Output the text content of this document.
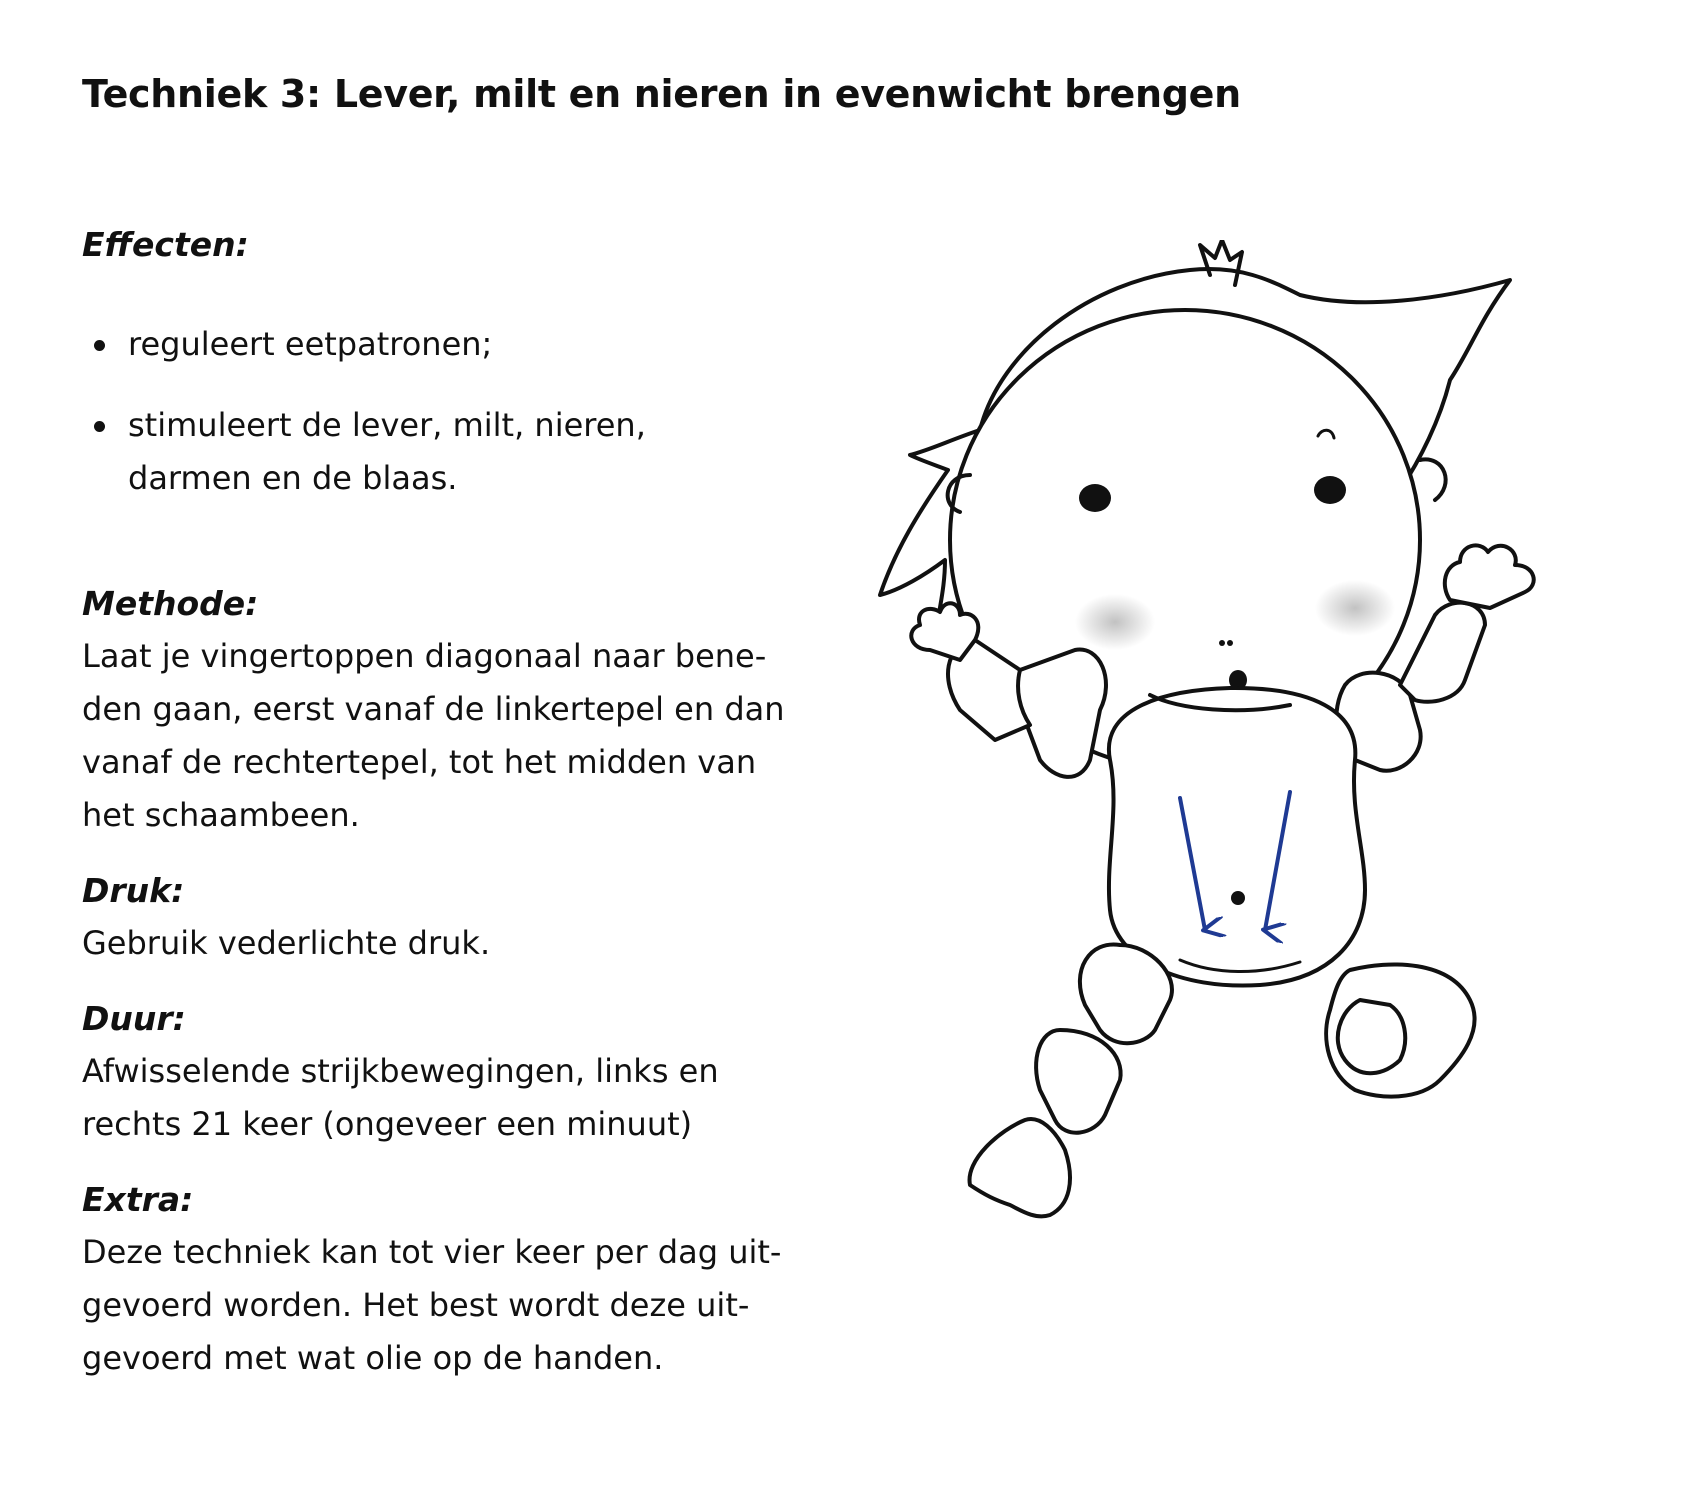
Techniek 3: Lever, milt en nieren in evenwicht brengen

Effecten:

reguleert eetpatronen;
stimuleert de lever, milt, nieren,
darmen en de blaas.

Methode:

Laat je vingertoppen diagonaal naar bene-
den gaan, eerst vanaf de linkertepel en dan
vanaf de rechtertepel, tot het midden van
het schaambeen.

Druk:

Gebruik vederlichte druk.

Duur:

Afwisselende strijkbewegingen, links en
rechts 21 keer (ongeveer een minuut)

Extra:

Deze techniek kan tot vier keer per dag uit-
gevoerd worden. Het best wordt deze uit-
gevoerd met wat olie op de handen.
